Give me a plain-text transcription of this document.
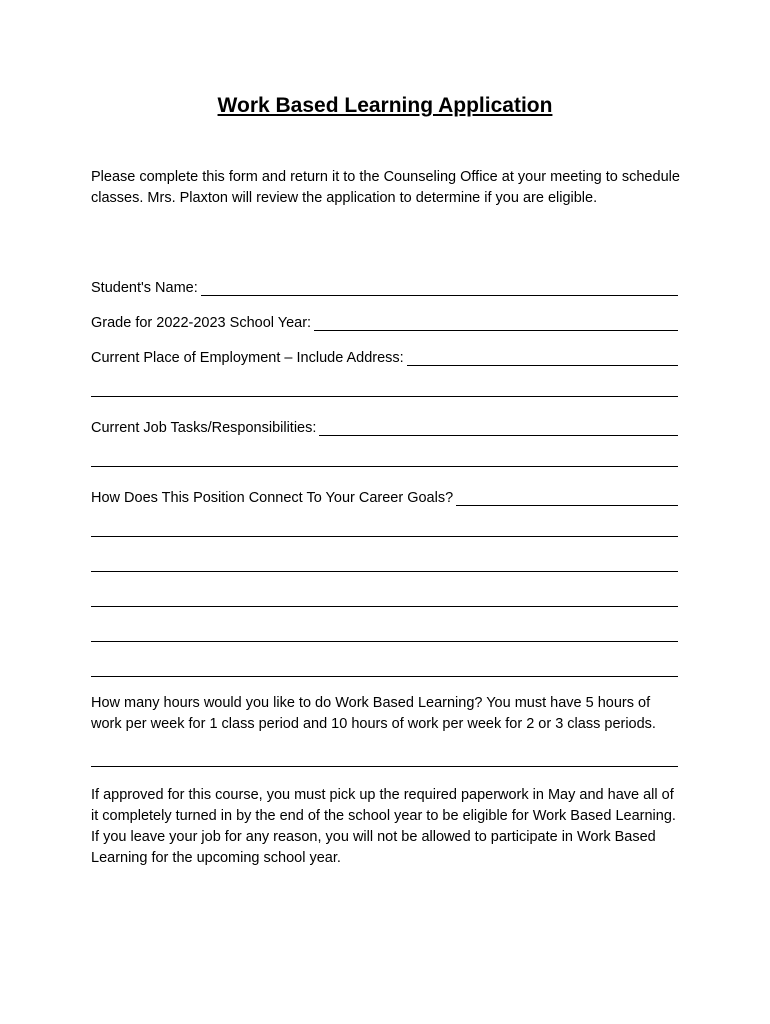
Work Based Learning Application

Please complete this form and return it to the Counseling Office at your meeting to schedule classes. Mrs. Plaxton will review the application to determine if you are eligible.

Student's Name:
Grade for 2022-2023 School Year:
Current Place of Employment – Include Address:
Current Job Tasks/Responsibilities:
How Does This Position Connect To Your Career Goals?

How many hours would you like to do Work Based Learning? You must have 5 hours of work per week for 1 class period and 10 hours of work per week for 2 or 3 class periods.

If approved for this course, you must pick up the required paperwork in May and have all of it completely turned in by the end of the school year to be eligible for Work Based Learning. If you leave your job for any reason, you will not be allowed to participate in Work Based Learning for the upcoming school year.
